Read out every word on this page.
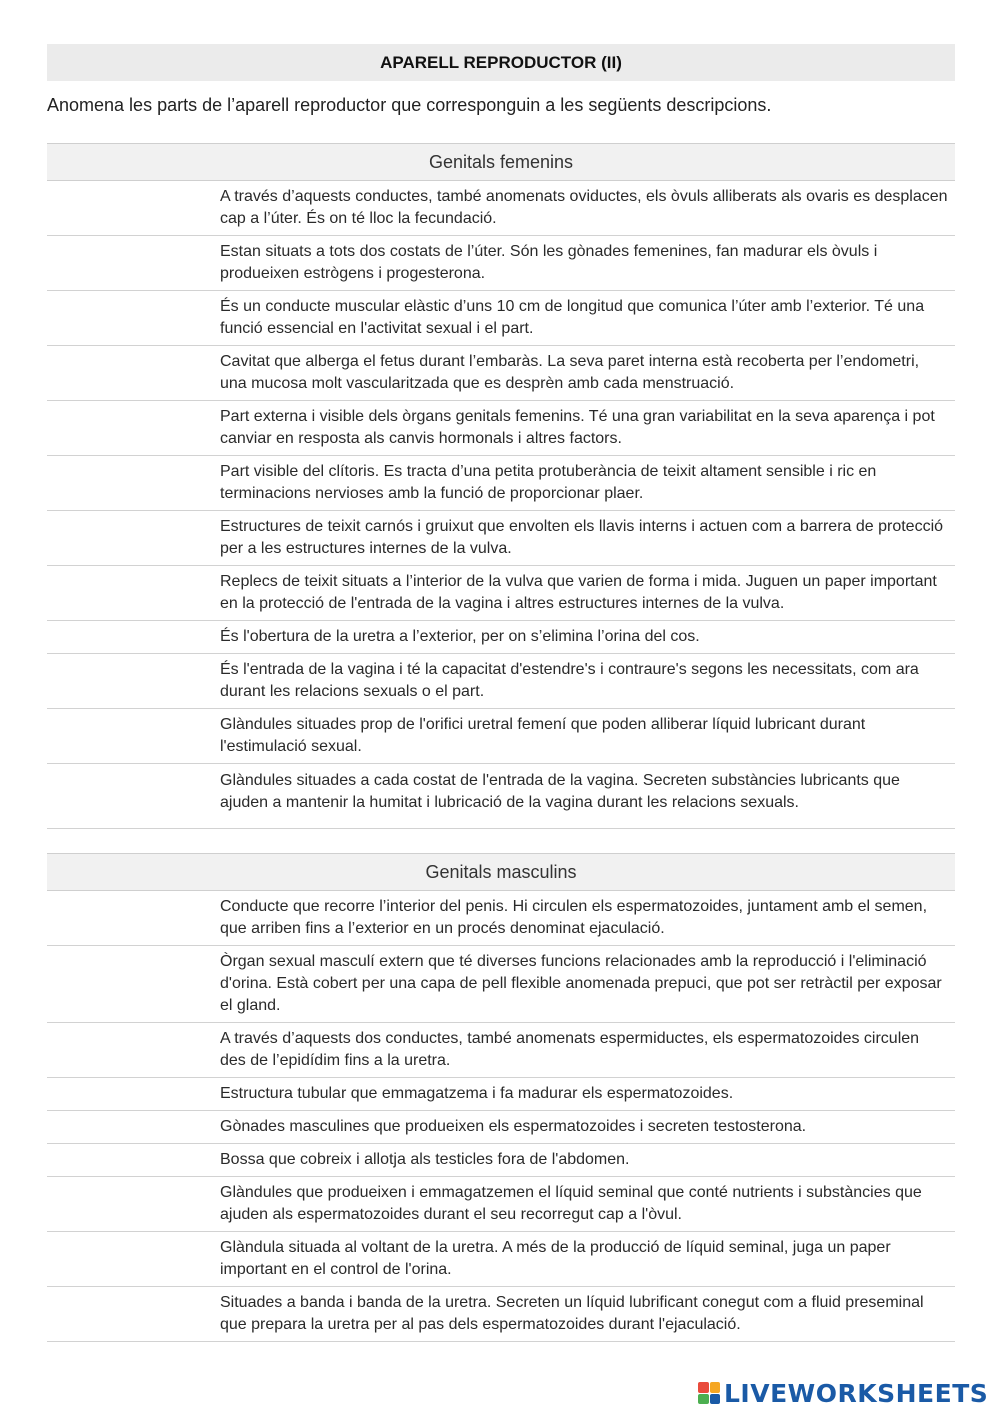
APARELL REPRODUCTOR (II)
Anomena les parts de l’aparell reproductor que corresponguin a les següents descripcions.
Genitals femenins
A través d’aquests conductes, també anomenats oviductes, els òvuls alliberats als ovaris es desplacen cap a l’úter. És on té lloc la fecundació.
Estan situats a tots dos costats de l’úter. Són les gònades femenines, fan madurar els òvuls i produeixen estrògens i progesterona.
És un conducte muscular elàstic d’uns 10 cm de longitud que comunica l’úter amb l’exterior. Té una funció essencial en l'activitat sexual i el part.
Cavitat que alberga el fetus durant l’embaràs. La seva paret interna està recoberta per l’endometri, una mucosa molt vascularitzada que es desprèn amb cada menstruació.
Part externa i visible dels òrgans genitals femenins. Té una gran variabilitat en la seva aparença i pot canviar en resposta als canvis hormonals i altres factors.
Part visible del clítoris. Es tracta d’una petita protuberància de teixit altament sensible i ric en terminacions nervioses amb la funció de proporcionar plaer.
Estructures de teixit carnós i gruixut que envolten els llavis interns i actuen com a barrera de protecció per a les estructures internes de la vulva.
Replecs de teixit situats a l’interior de la vulva que varien de forma i mida. Juguen un paper important en la protecció de l'entrada de la vagina i altres estructures internes de la vulva.
És l'obertura de la uretra a l’exterior, per on s’elimina l’orina del cos.
És l'entrada de la vagina i té la capacitat d'estendre's i contraure's segons les necessitats, com ara durant les relacions sexuals o el part.
Glàndules situades prop de l'orifici uretral femení que poden alliberar líquid lubricant durant l'estimulació sexual.
Glàndules situades a cada costat de l'entrada de la vagina. Secreten substàncies lubricants que ajuden a mantenir la humitat i lubricació de la vagina durant les relacions sexuals.
Genitals masculins
Conducte que recorre l’interior del penis. Hi circulen els espermatozoides, juntament amb el semen, que arriben fins a l’exterior en un procés denominat ejaculació.
Òrgan sexual masculí extern que té diverses funcions relacionades amb la reproducció i l'eliminació d'orina. Està cobert per una capa de pell flexible anomenada prepuci, que pot ser retràctil per exposar el gland.
A través d’aquests dos conductes, també anomenats espermiductes, els espermatozoides circulen des de l’epidídim fins a la uretra.
Estructura tubular que emmagatzema i fa madurar els espermatozoides.
Gònades masculines que produeixen els espermatozoides i secreten testosterona.
Bossa que cobreix i allotja als testicles fora de l'abdomen.
Glàndules que produeixen i emmagatzemen el líquid seminal que conté nutrients i substàncies que ajuden als espermatozoides durant el seu recorregut cap a l'òvul.
Glàndula situada al voltant de la uretra. A més de la producció de líquid seminal, juga un paper important en el control de l'orina.
Situades a banda i banda de la uretra. Secreten un líquid lubrificant conegut com a fluid preseminal que prepara la uretra per al pas dels espermatozoides durant l'ejaculació.
LIVEWORKSHEETS
